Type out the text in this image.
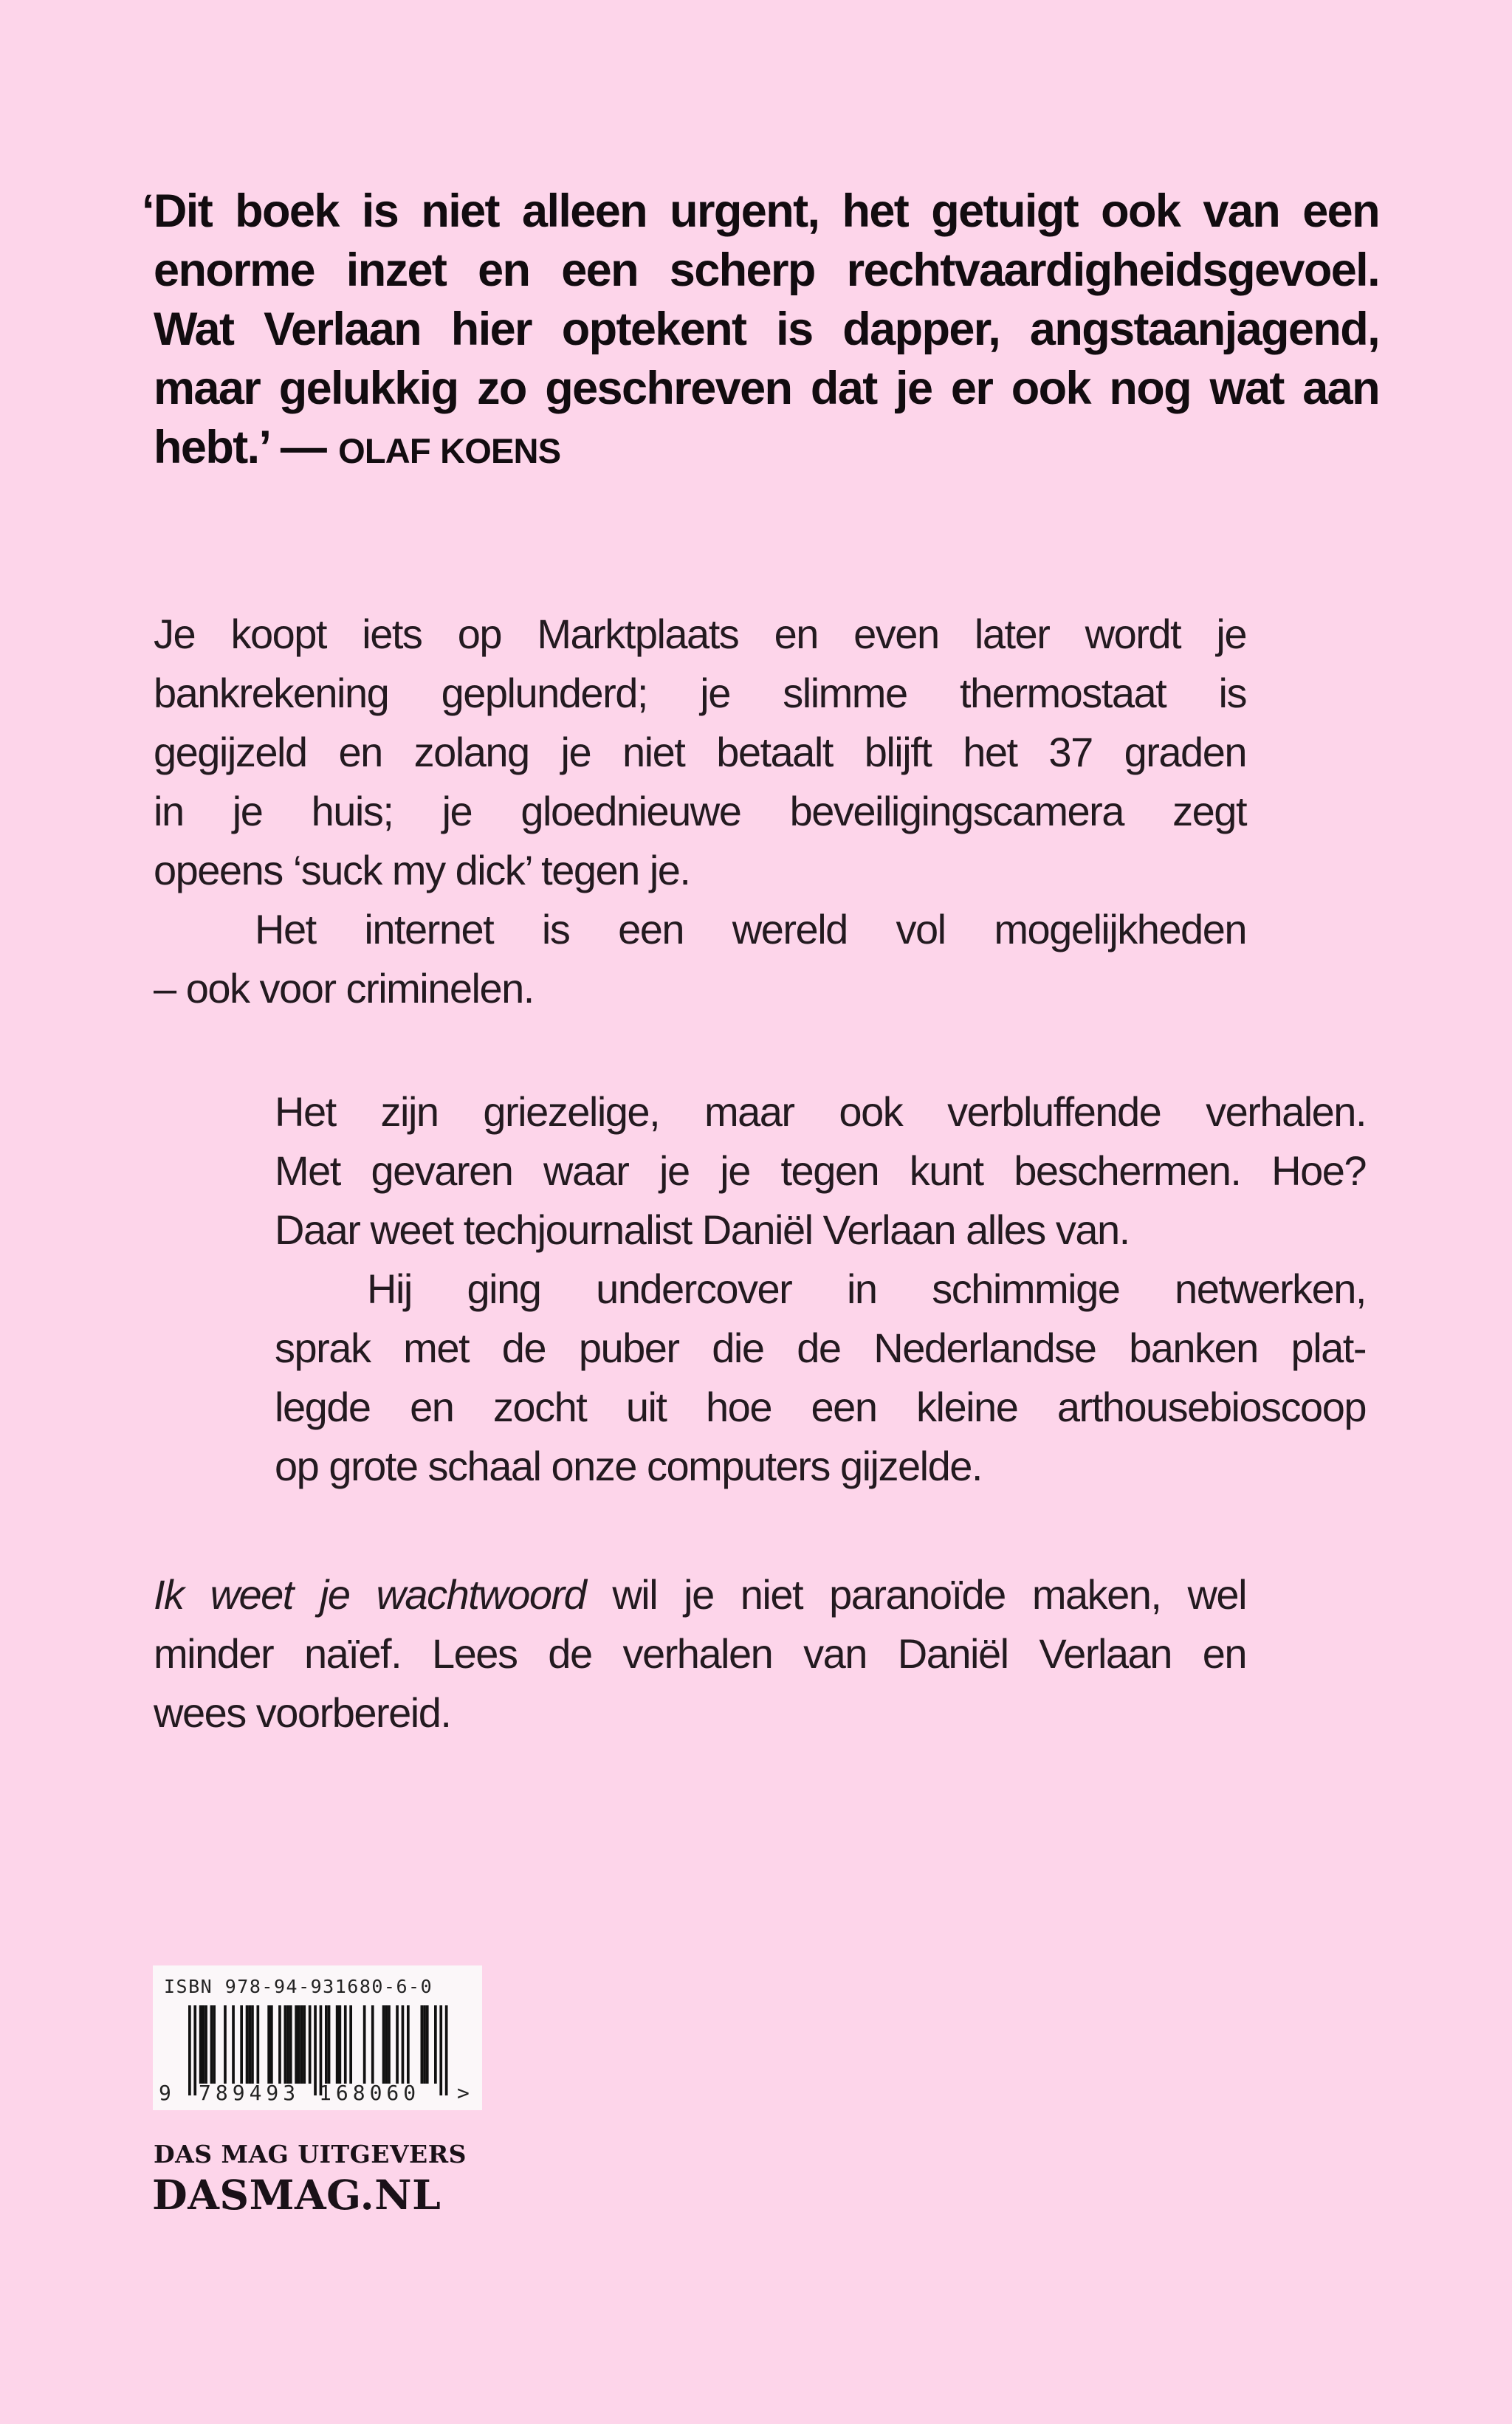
‘Dit boek is niet alleen urgent, het getuigt ook van een
enorme inzet en een scherp rechtvaardigheidsgevoel.
Wat Verlaan hier optekent is dapper, angstaanjagend,
maar gelukkig zo geschreven dat je er ook nog wat aan
hebt.’ — OLAF KOENS
Je koopt iets op Marktplaats en even later wordt je
bankrekening geplunderd; je slimme thermostaat is
gegijzeld en zolang je niet betaalt blijft het 37 graden
in je huis; je gloednieuwe beveiligingscamera zegt
opeens ‘suck my dick’ tegen je.
Het internet is een wereld vol mogelijkheden
– ook voor criminelen.
Het zijn griezelige, maar ook verbluffende verhalen.
Met gevaren waar je je tegen kunt beschermen. Hoe?
Daar weet techjournalist Daniël Verlaan alles van.
Hij ging undercover in schimmige netwerken,
sprak met de puber die de Nederlandse banken plat-
legde en zocht uit hoe een kleine arthousebioscoop
op grote schaal onze computers gijzelde.
Ik weet je wachtwoord wil je niet paranoïde maken, wel
minder naïef. Lees de verhalen van Daniël Verlaan en
wees voorbereid.
ISBN 978-94-931680-6-0
9 789493 168060 >
DAS MAG UITGEVERS
DASMAG.NL
